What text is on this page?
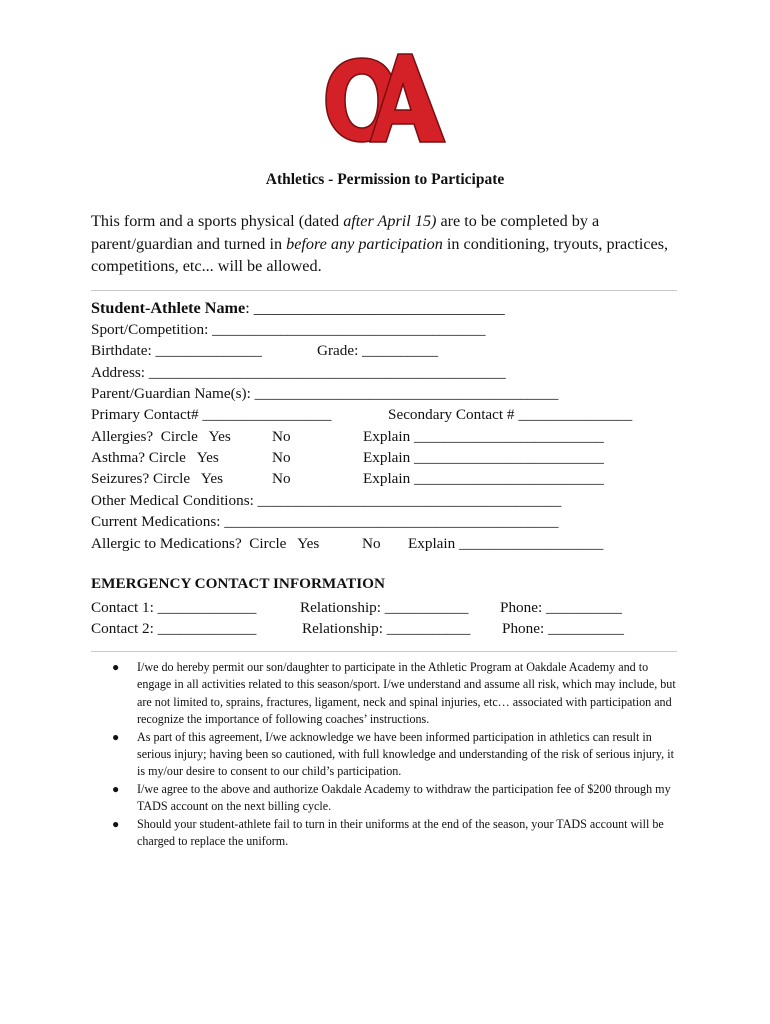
Athletics - Permission to Participate
This form and a sports physical (dated after April 15) are to be completed by a parent/guardian and turned in before any participation in conditioning, tryouts, practices, competitions, etc... will be allowed.
Student-Athlete Name: _______________________________
Sport/Competition: ____________________________________
Birthdate: ______________	Grade: __________
Address: _______________________________________________
Parent/Guardian Name(s): ________________________________________
Primary Contact# _________________	Secondary Contact # _______________
Allergies?  Circle   Yes	No	Explain _________________________
Asthma? Circle   Yes	No	Explain _________________________
Seizures? Circle   Yes	No	Explain _________________________
Other Medical Conditions: ________________________________________
Current Medications: ____________________________________________
Allergic to Medications?  Circle   Yes	No Explain ___________________
EMERGENCY CONTACT INFORMATION
Contact 1: _____________	Relationship: ___________ Phone: __________
Contact 2: _____________	Relationship: ___________ Phone: __________
● I/we do hereby permit our son/daughter to participate in the Athletic Program at Oakdale Academy and to engage in all activities related to this season/sport. I/we understand and assume all risk, which may include, but are not limited to, sprains, fractures, ligament, neck and spinal injuries, etc… associated with participation and recognize the importance of following coaches’ instructions.
● As part of this agreement, I/we acknowledge we have been informed participation in athletics can result in serious injury; having been so cautioned, with full knowledge and understanding of the risk of serious injury, it is my/our desire to consent to our child’s participation.
● I/we agree to the above and authorize Oakdale Academy to withdraw the participation fee of $200 through my TADS account on the next billing cycle.
● Should your student-athlete fail to turn in their uniforms at the end of the season, your TADS account will be charged to replace the uniform.
